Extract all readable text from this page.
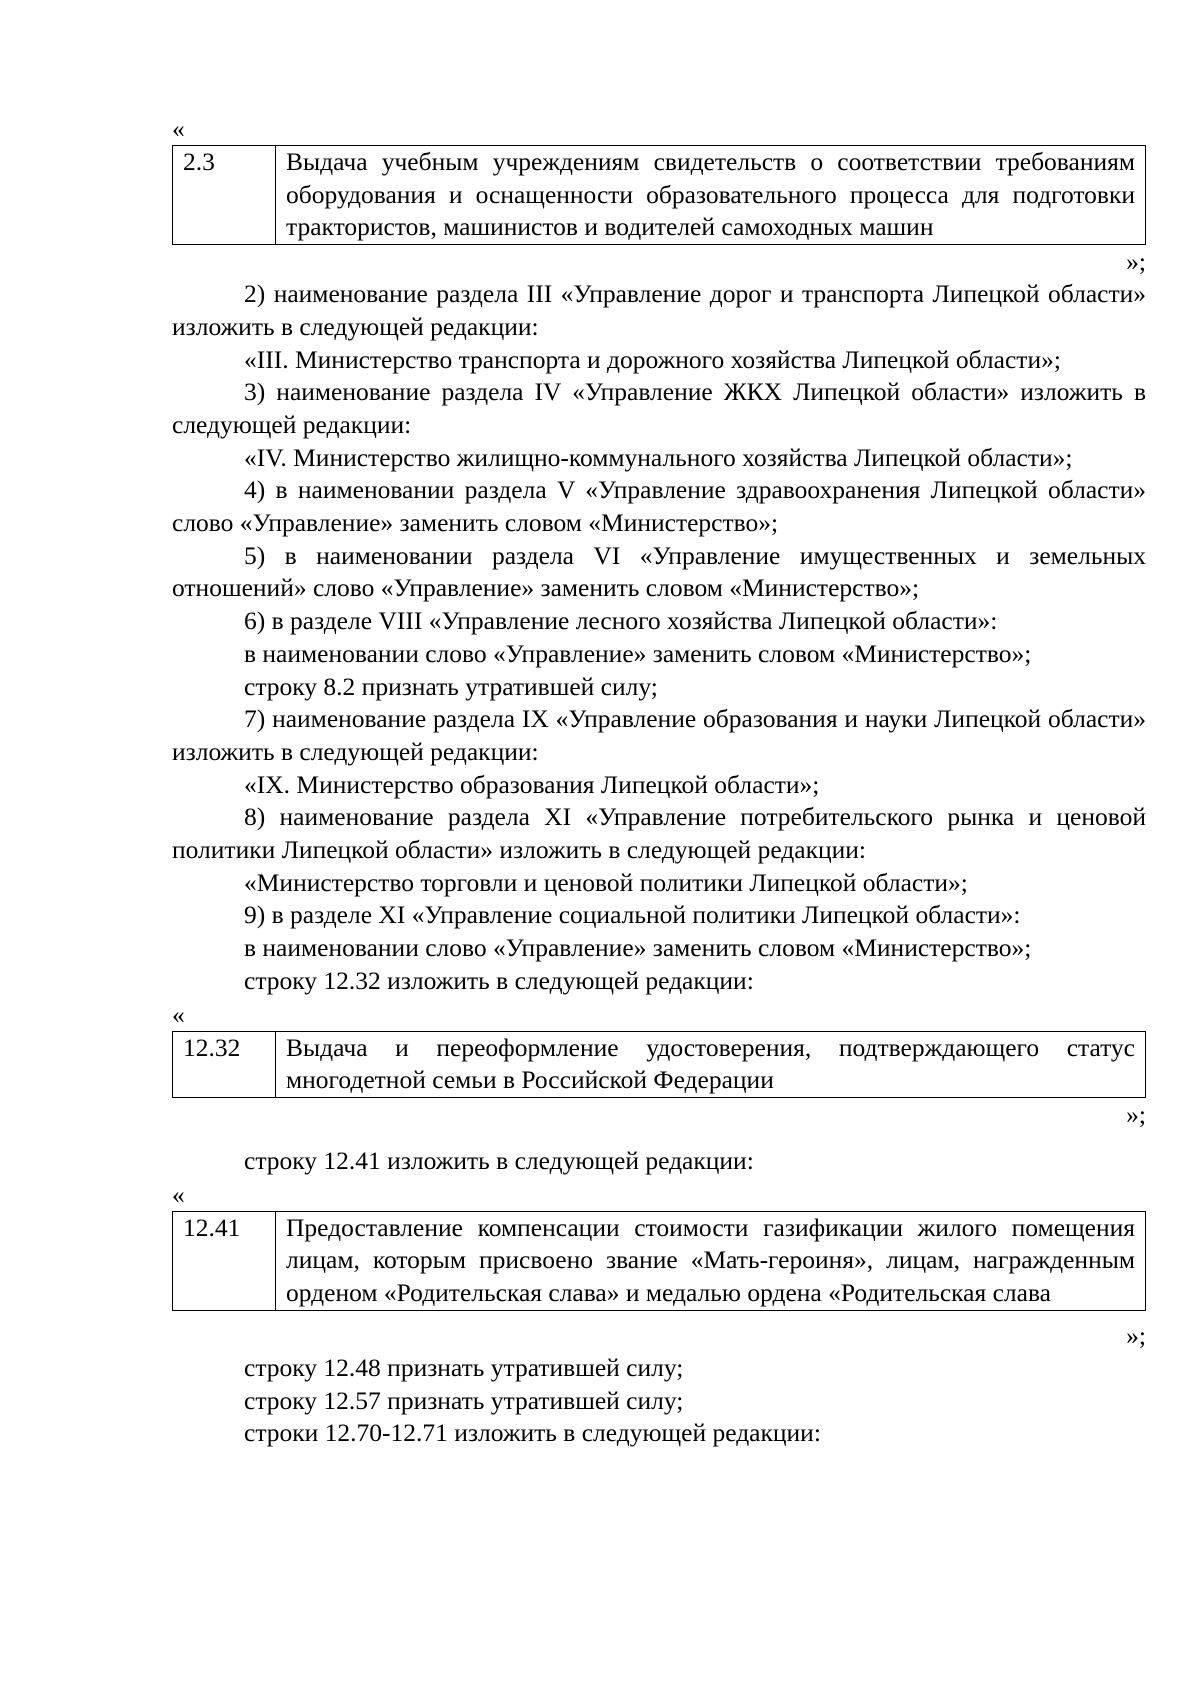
«
2.3	Выдача учебным учреждениям свидетельств о соответствии требованиям оборудования и оснащенности образовательного процесса для подготовки трактористов, машинистов и водителей самоходных машин
»;

2) наименование раздела III «Управление дорог и транспорта Липецкой области» изложить в следующей редакции:

«III. Министерство транспорта и дорожного хозяйства Липецкой области»;

3) наименование раздела IV «Управление ЖКХ Липецкой области» изложить в следующей редакции:

«IV. Министерство жилищно-коммунального хозяйства Липецкой области»;

4) в наименовании раздела V «Управление здравоохранения Липецкой области» слово «Управление» заменить словом «Министерство»;

5) в наименовании раздела VI «Управление имущественных и земельных отношений» слово «Управление» заменить словом «Министерство»;

6) в разделе VIII «Управление лесного хозяйства Липецкой области»:

в наименовании слово «Управление» заменить словом «Министерство»;

строку 8.2 признать утратившей силу;

7) наименование раздела IX «Управление образования и науки Липецкой области» изложить в следующей редакции:

«IX. Министерство образования Липецкой области»;

8) наименование раздела XI «Управление потребительского рынка и ценовой политики Липецкой области» изложить в следующей редакции:

«Министерство торговли и ценовой политики Липецкой области»;

9) в разделе XI «Управление социальной политики Липецкой области»:

в наименовании слово «Управление» заменить словом «Министерство»;

строку 12.32 изложить в следующей редакции:

«
12.32	Выдача и переоформление удостоверения, подтверждающего статус многодетной семьи в Российской Федерации
»;

строку 12.41 изложить в следующей редакции:

«
12.41	Предоставление компенсации стоимости газификации жилого помещения лицам, которым присвоено звание «Мать-героиня», лицам, награжденным орденом «Родительская слава» и медалью ордена «Родительская слава
»;

строку 12.48 признать утратившей силу;

строку 12.57 признать утратившей силу;

строки 12.70-12.71 изложить в следующей редакции:
